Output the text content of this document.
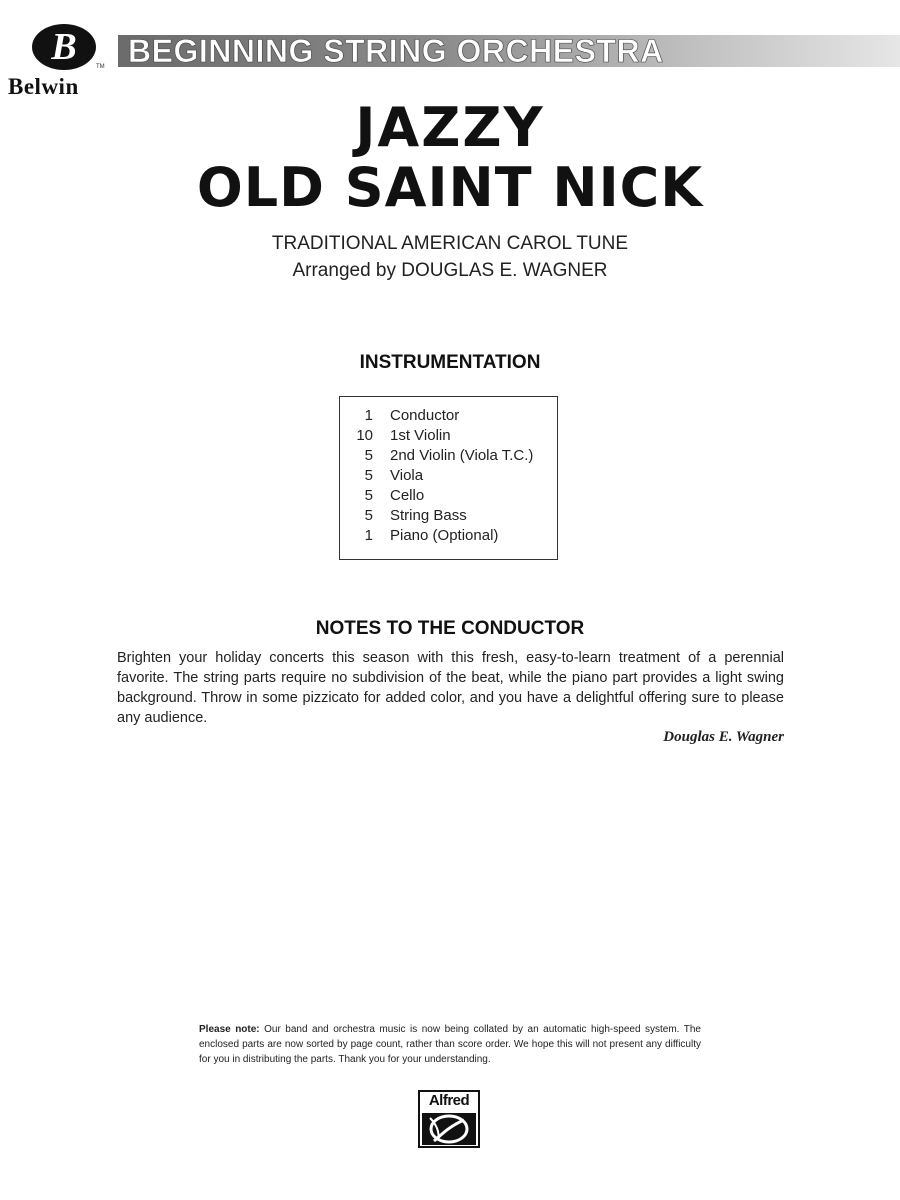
B	TM
Belwin
BEGINNING STRING ORCHESTRA
JAZZY
OLD SAINT NICK
TRADITIONAL AMERICAN CAROL TUNE
Arranged by DOUGLAS E. WAGNER
INSTRUMENTATION
1 Conductor
10 1st Violin
5 2nd Violin (Viola T.C.)
5 Viola
5 Cello
5 String Bass
1 Piano (Optional)
NOTES TO THE CONDUCTOR
Brighten your holiday concerts this season with this fresh, easy-to-learn treatment of a perennial favorite. The string parts require no subdivision of the beat, while the piano part provides a light swing background. Throw in some pizzicato for added color, and you have a delightful offering sure to please any audience.
Douglas E. Wagner
Please note: Our band and orchestra music is now being collated by an automatic high-speed system. The enclosed parts are now sorted by page count, rather than score order. We hope this will not present any difficulty for you in distributing the parts. Thank you for your understanding.
Alfred
